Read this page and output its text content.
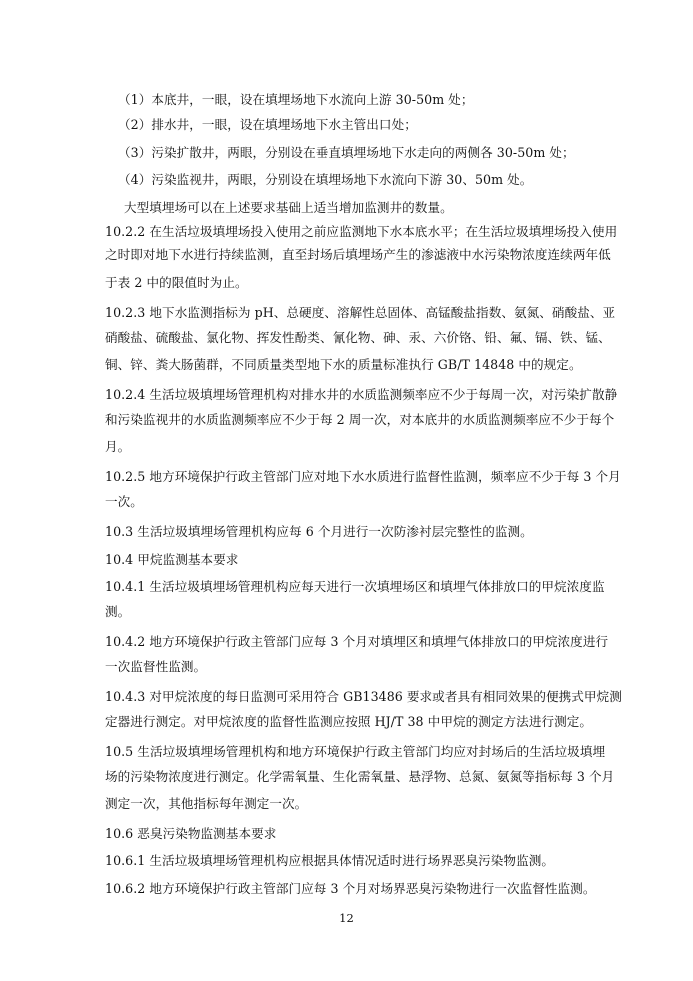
（1）本底井，一眼，设在填埋场地下水流向上游 30-50m 处；
（2）排水井，一眼，设在填埋场地下水主管出口处；
（3）污染扩散井，两眼，分别设在垂直填埋场地下水走向的两侧各 30-50m 处；
（4）污染监视井，两眼，分别设在填埋场地下水流向下游 30、50m 处。
大型填埋场可以在上述要求基础上适当增加监测井的数量。
10.2.2 在生活垃圾填埋场投入使用之前应监测地下水本底水平；在生活垃圾填埋场投入使用
之时即对地下水进行持续监测，直至封场后填埋场产生的渗滤液中水污染物浓度连续两年低
于表 2 中的限值时为止。
10.2.3 地下水监测指标为 pH、总硬度、溶解性总固体、高锰酸盐指数、氨氮、硝酸盐、亚
硝酸盐、硫酸盐、氯化物、挥发性酚类、氰化物、砷、汞、六价铬、铅、氟、镉、铁、锰、
铜、锌、粪大肠菌群，不同质量类型地下水的质量标准执行 GB/T 14848 中的规定。
10.2.4 生活垃圾填埋场管理机构对排水井的水质监测频率应不少于每周一次，对污染扩散静
和污染监视井的水质监测频率应不少于每 2 周一次，对本底井的水质监测频率应不少于每个
月。
10.2.5 地方环境保护行政主管部门应对地下水水质进行监督性监测，频率应不少于每 3 个月
一次。
10.3 生活垃圾填埋场管理机构应每 6 个月进行一次防渗衬层完整性的监测。
10.4 甲烷监测基本要求
10.4.1 生活垃圾填埋场管理机构应每天进行一次填埋场区和填埋气体排放口的甲烷浓度监
测。
10.4.2 地方环境保护行政主管部门应每 3 个月对填埋区和填埋气体排放口的甲烷浓度进行
一次监督性监测。
10.4.3 对甲烷浓度的每日监测可采用符合 GB13486 要求或者具有相同效果的便携式甲烷测
定器进行测定。对甲烷浓度的监督性监测应按照 HJ/T 38 中甲烷的测定方法进行测定。
10.5 生活垃圾填埋场管理机构和地方环境保护行政主管部门均应对封场后的生活垃圾填埋
场的污染物浓度进行测定。化学需氧量、生化需氧量、悬浮物、总氮、氨氮等指标每 3 个月
测定一次，其他指标每年测定一次。
10.6 恶臭污染物监测基本要求
10.6.1 生活垃圾填埋场管理机构应根据具体情况适时进行场界恶臭污染物监测。
10.6.2 地方环境保护行政主管部门应每 3 个月对场界恶臭污染物进行一次监督性监测。
12
